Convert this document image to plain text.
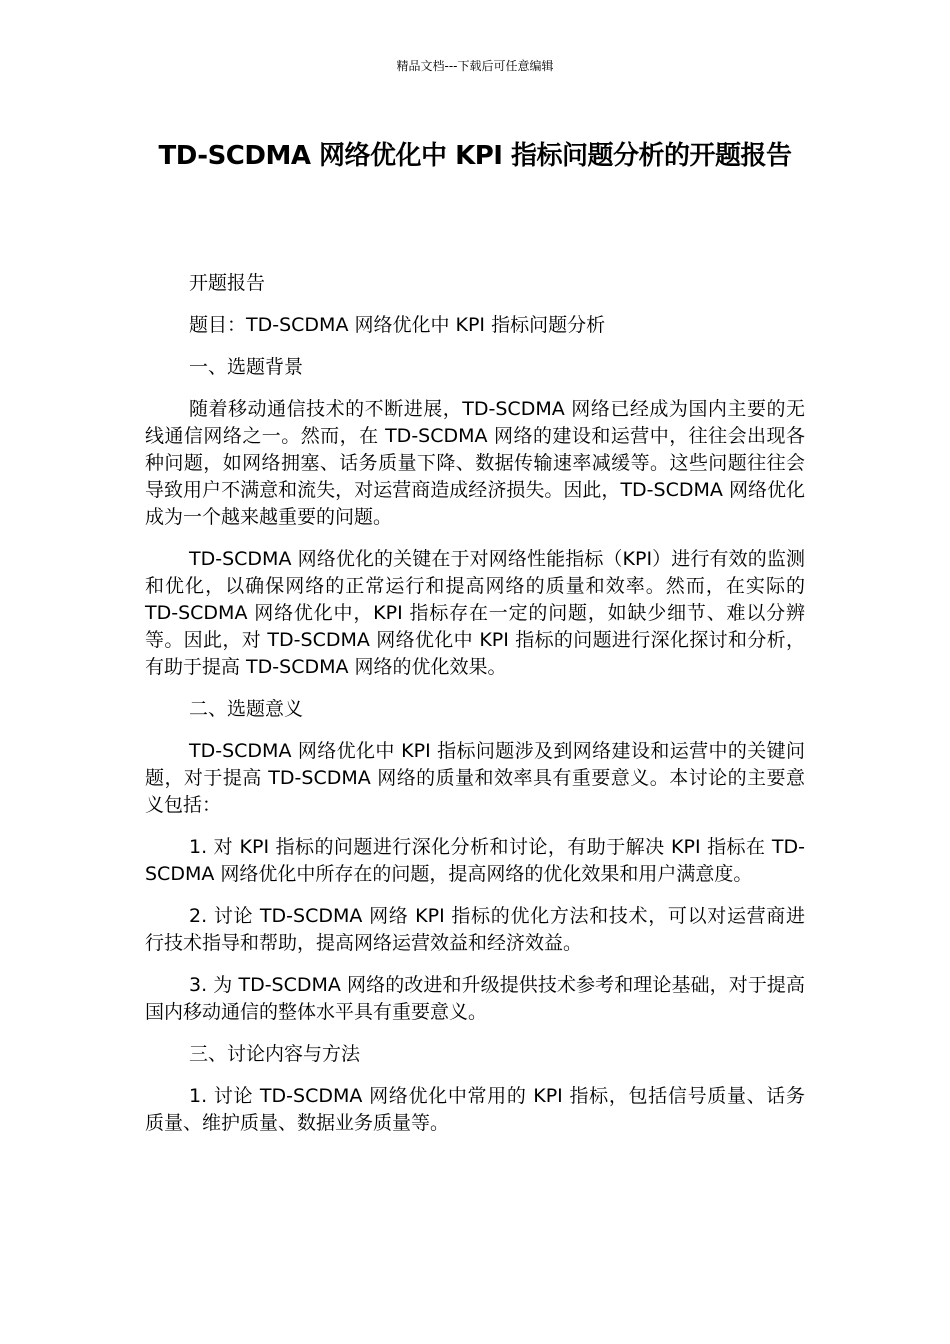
精品文档---下载后可任意编辑
TD-SCDMA 网络优化中 KPI 指标问题分析的开题报告

开题报告

题目：TD-SCDMA 网络优化中 KPI 指标问题分析

一、选题背景

随着移动通信技术的不断进展，TD-SCDMA 网络已经成为国内主要的无线通信网络之一。然而，在 TD-SCDMA 网络的建设和运营中，往往会出现各种问题，如网络拥塞、话务质量下降、数据传输速率减缓等。这些问题往往会导致用户不满意和流失，对运营商造成经济损失。因此，TD-SCDMA 网络优化成为一个越来越重要的问题。

TD-SCDMA 网络优化的关键在于对网络性能指标（KPI）进行有效的监测和优化，以确保网络的正常运行和提高网络的质量和效率。然而，在实际的 TD-SCDMA 网络优化中，KPI 指标存在一定的问题，如缺少细节、难以分辨等。因此，对 TD-SCDMA 网络优化中 KPI 指标的问题进行深化探讨和分析，有助于提高 TD-SCDMA 网络的优化效果。

二、选题意义

TD-SCDMA 网络优化中 KPI 指标问题涉及到网络建设和运营中的关键问题，对于提高 TD-SCDMA 网络的质量和效率具有重要意义。本讨论的主要意义包括：

1. 对 KPI 指标的问题进行深化分析和讨论，有助于解决 KPI 指标在 TD-SCDMA 网络优化中所存在的问题，提高网络的优化效果和用户满意度。

2. 讨论 TD-SCDMA 网络 KPI 指标的优化方法和技术，可以对运营商进行技术指导和帮助，提高网络运营效益和经济效益。

3. 为 TD-SCDMA 网络的改进和升级提供技术参考和理论基础，对于提高国内移动通信的整体水平具有重要意义。

三、讨论内容与方法

1. 讨论 TD-SCDMA 网络优化中常用的 KPI 指标，包括信号质量、话务质量、维护质量、数据业务质量等。
